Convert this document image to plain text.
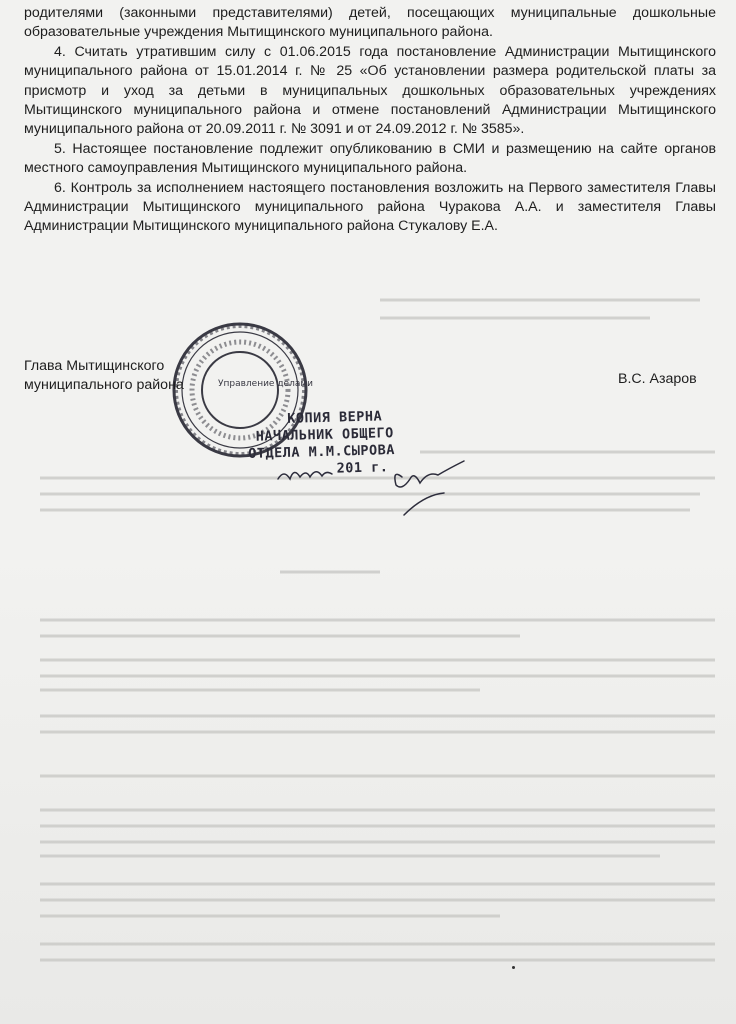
родителями (законными представителями) детей, посещающих муниципальные дошкольные образовательные учреждения Мытищинского муниципального района.

4. Считать утратившим силу с 01.06.2015 года постановление Администрации Мытищинского муниципального района от 15.01.2014 г. № 25 «Об установлении размера родительской платы за присмотр и уход за детьми в муниципальных дошкольных образовательных учреждениях Мытищинского муниципального района и отмене постановлений Администрации Мытищинского муниципального района от 20.09.2011 г. № 3091 и от 24.09.2012 г. № 3585».

5. Настоящее постановление подлежит опубликованию в СМИ и размещению на сайте органов местного самоуправления Мытищинского муниципального района.

6. Контроль за исполнением настоящего постановления возложить на Первого заместителя Главы Администрации Мытищинского муниципального района Чуракова А.А. и заместителя Главы Администрации Мытищинского муниципального района Стукалову Е.А.

Управление делами
КОПИЯ ВЕРНА
НАЧАЛЬНИК ОБЩЕГО
ОТДЕЛА М.М.СЫРОВА
201 г.
Глава Мытищинского
муниципального района	В.С. Азаров
